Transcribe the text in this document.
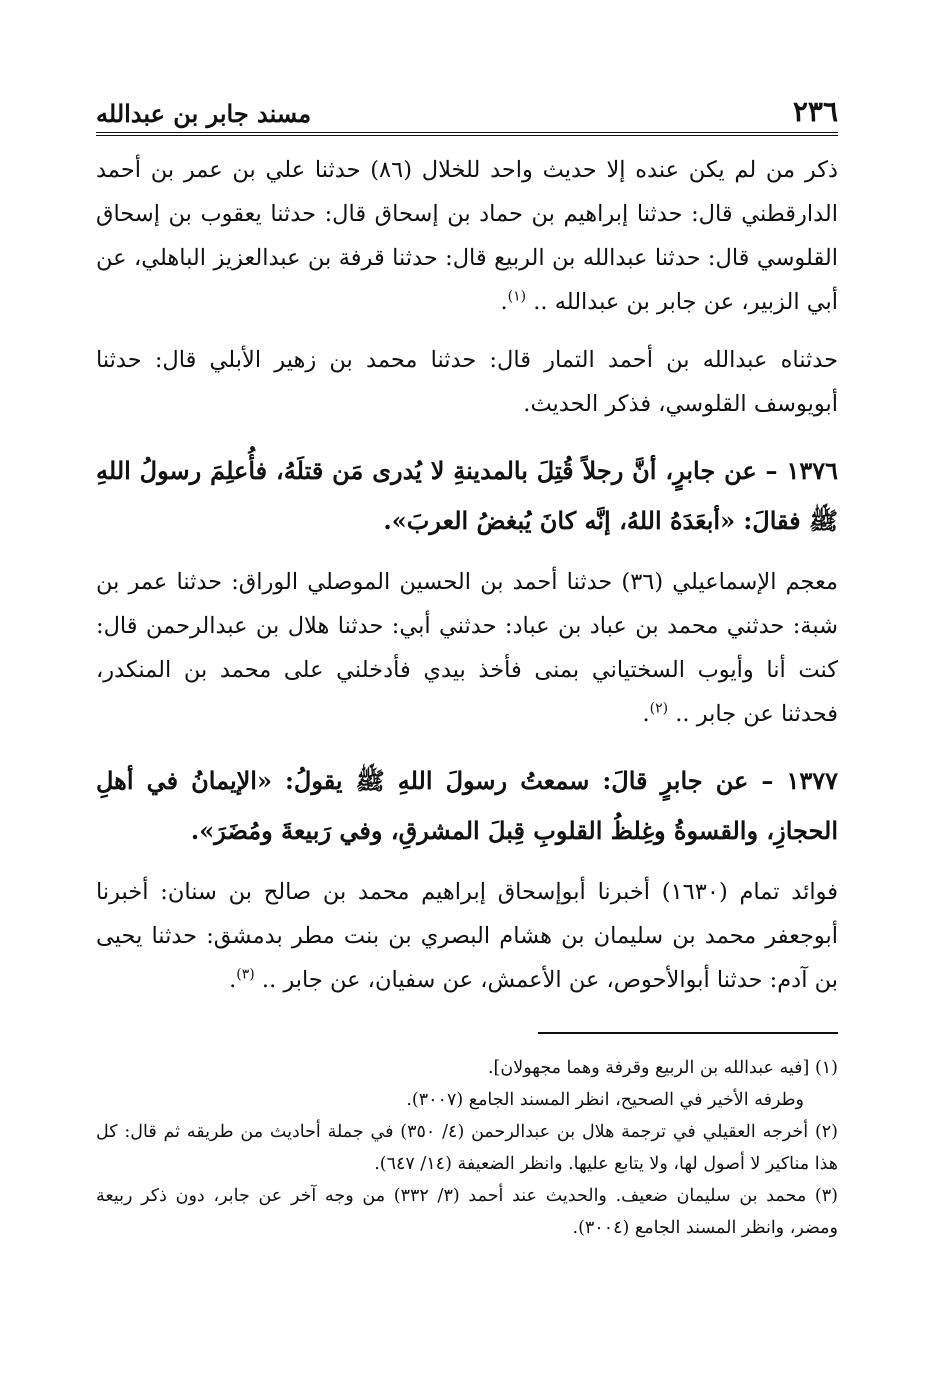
٢٣٦
مسند جابر بن عبدالله

ذكر من لم يكن عنده إلا حديث واحد للخلال (٨٦) حدثنا علي بن عمر بن أحمد الدارقطني قال: حدثنا إبراهيم بن حماد بن إسحاق قال: حدثنا يعقوب بن إسحاق القلوسي قال: حدثنا عبدالله بن الربيع قال: حدثنا قرفة بن عبدالعزيز الباهلي، عن أبي الزبير، عن جابر بن عبدالله .. $^{(١)}$.

حدثناه عبدالله بن أحمد التمار قال: حدثنا محمد بن زهير الأبلي قال: حدثنا أبويوسف القلوسي، فذكر الحديث.

١٣٧٦ – عن جابرٍ، أنَّ رجلاً قُتِلَ بالمدينةِ لا يُدرى مَن قتلَهُ، فأُعلِمَ رسولُ اللهِ ﷺ فقالَ: «أبعَدَهُ اللهُ، إنَّه كانَ يُبغضُ العربَ».

معجم الإسماعيلي (٣٦) حدثنا أحمد بن الحسين الموصلي الوراق: حدثنا عمر بن شبة: حدثني محمد بن عباد بن عباد: حدثني أبي: حدثنا هلال بن عبدالرحمن قال: كنت أنا وأيوب السختياني بمنى فأخذ بيدي فأدخلني على محمد بن المنكدر، فحدثنا عن جابر .. $^{(٢)}$.

١٣٧٧ – عن جابرٍ قالَ: سمعتُ رسولَ اللهِ ﷺ يقولُ: «الإيمانُ في أهلِ الحجازِ، والقسوةُ وغِلظُ القلوبِ قِبلَ المشرقِ، وفي رَبيعةَ ومُضَرَ».

فوائد تمام (١٦٣٠) أخبرنا أبوإسحاق إبراهيم محمد بن صالح بن سنان: أخبرنا أبوجعفر محمد بن سليمان بن هشام البصري بن بنت مطر بدمشق: حدثنا يحيى بن آدم: حدثنا أبوالأحوص، عن الأعمش، عن سفيان، عن جابر .. $^{(٣)}$.

(١) [فيه عبدالله بن الربيع وقرفة وهما مجهولان].

وطرفه الأخير في الصحيح، انظر المسند الجامع (٣٠٠٧).

(٢) أخرجه العقيلي في ترجمة هلال بن عبدالرحمن (٤/ ٣٥٠) في جملة أحاديث من طريقه ثم قال: كل هذا مناكير لا أصول لها، ولا يتابع عليها. وانظر الضعيفة (١٤/ ٦٤٧).

(٣) محمد بن سليمان ضعيف. والحديث عند أحمد (٣/ ٣٣٢) من وجه آخر عن جابر، دون ذكر ربيعة ومضر، وانظر المسند الجامع (٣٠٠٤).
